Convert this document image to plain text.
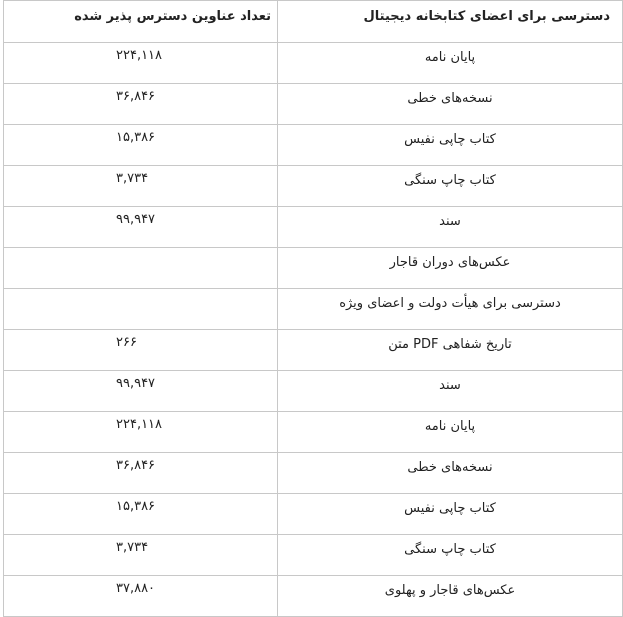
دسترسی برای اعضای کتابخانه دیجیتال	تعداد عناوین دسترس پذیر شده
پایان نامه	۲۲۴,۱۱۸
نسخه‌های خطی	۳۶,۸۴۶
کتاب چاپی نفیس	۱۵,۳۸۶
کتاب چاپ سنگی	۳,۷۳۴
سند	۹۹,۹۴۷
عکس‌های دوران قاجار	
دسترسی برای هیأت دولت و اعضای ویژه	
تاریخ شفاهی PDF متن	۲۶۶
سند	۹۹,۹۴۷
پایان نامه	۲۲۴,۱۱۸
نسخه‌های خطی	۳۶,۸۴۶
کتاب چاپی نفیس	۱۵,۳۸۶
کتاب چاپ سنگی	۳,۷۳۴
عکس‌های قاجار و پهلوی	۳۷,۸۸۰
